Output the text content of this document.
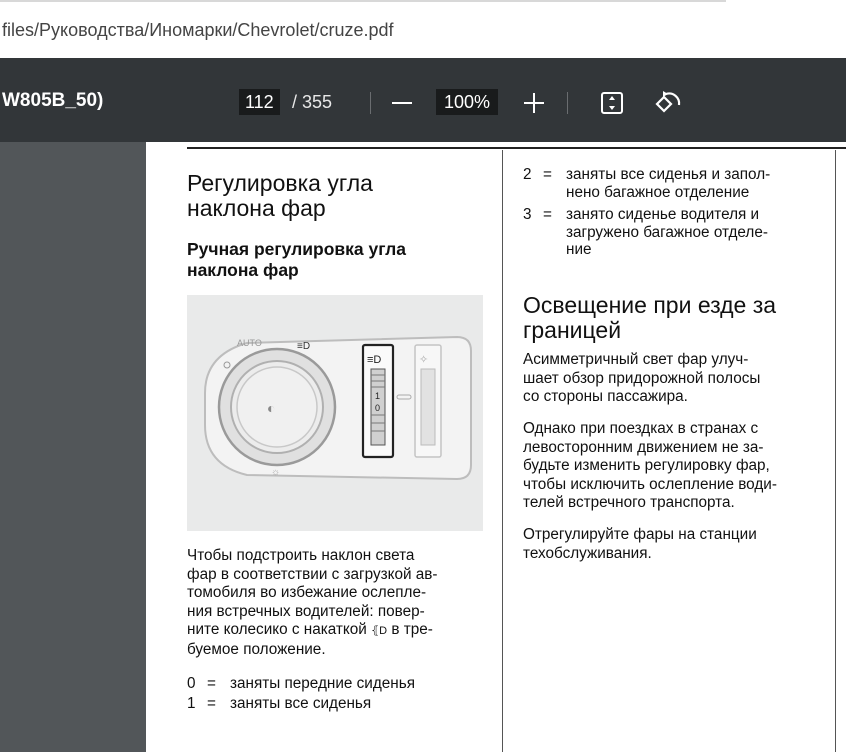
files/Руководства/Иномарки/Chevrolet/cruze.pdf
W805B_50)	112	/ 355	100%
Регулировка угла наклона фар
Ручная регулировка угла наклона фар
◐
AUTO	≡D
☼
≡D
1
0
✧
Чтобы подстроить наклон света
фар в соответствии с загрузкой ав-
томобиля во избежание ослепле-
ния встречных водителей: повер-
ните колесико с накаткой ⦃D в тре-
буемое положение.
0 = заняты передние сиденья
1 = заняты все сиденья
2 = заняты все сиденья и запол-
нено багажное отделение
3 = занято сиденье водителя и
загружено багажное отделе-
ние
Освещение при езде за
границей
Асимметричный свет фар улуч-
шает обзор придорожной полосы
со стороны пассажира.
Однако при поездках в странах с
левосторонним движением не за-
будьте изменить регулировку фар,
чтобы исключить ослепление води-
телей встречного транспорта.
Отрегулируйте фары на станции
техобслуживания.
